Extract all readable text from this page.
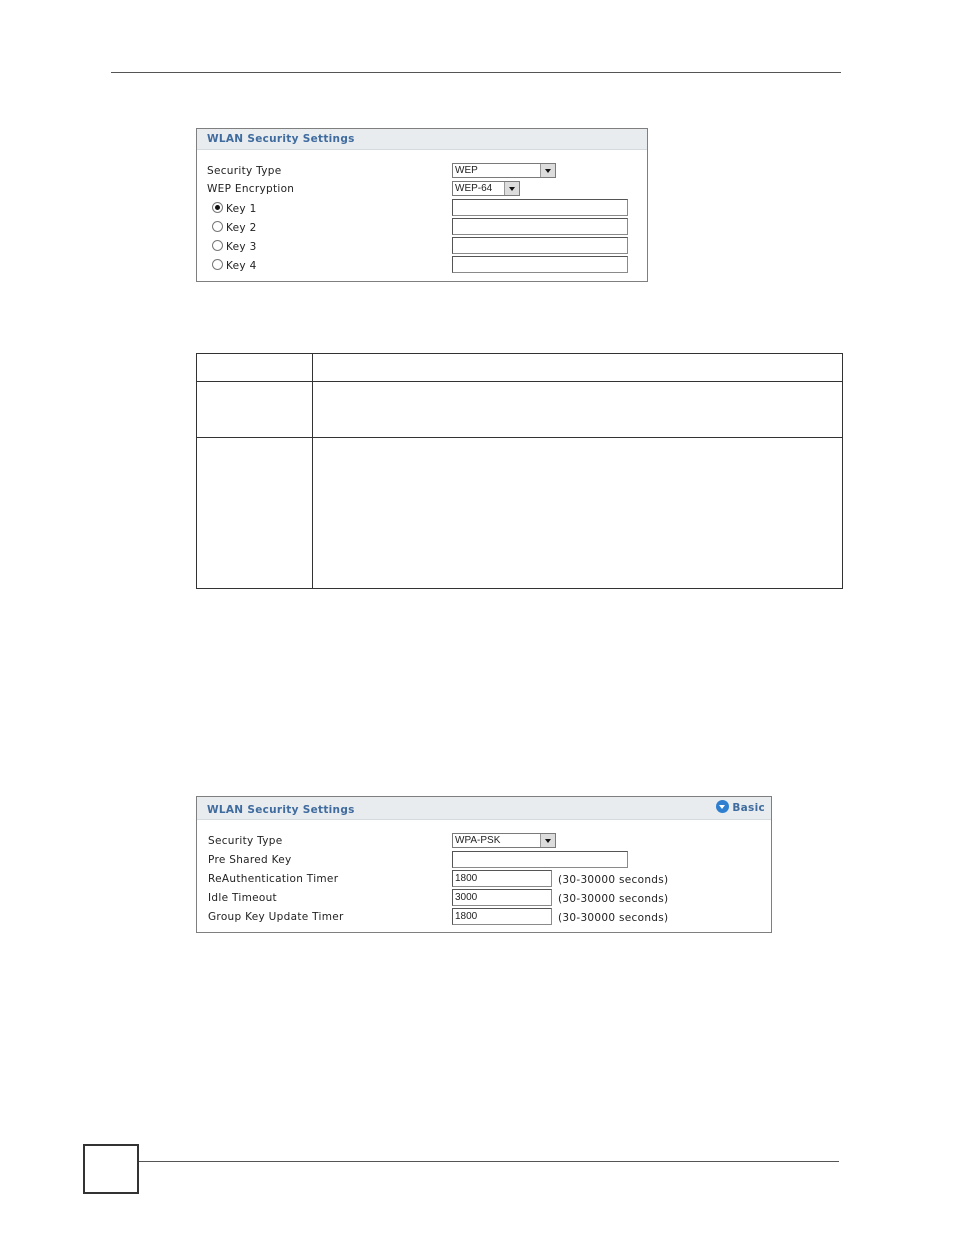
WLAN Security Settings
Security Type	WEP
WEP Encryption	WEP-64
Key 1
Key 2
Key 3
Key 4

WLAN Security Settings	Basic
Security Type	WPA-PSK
Pre Shared Key
ReAuthentication Timer	1800	(30-30000 seconds)
Idle Timeout	3000	(30-30000 seconds)
Group Key Update Timer	1800	(30-30000 seconds)
